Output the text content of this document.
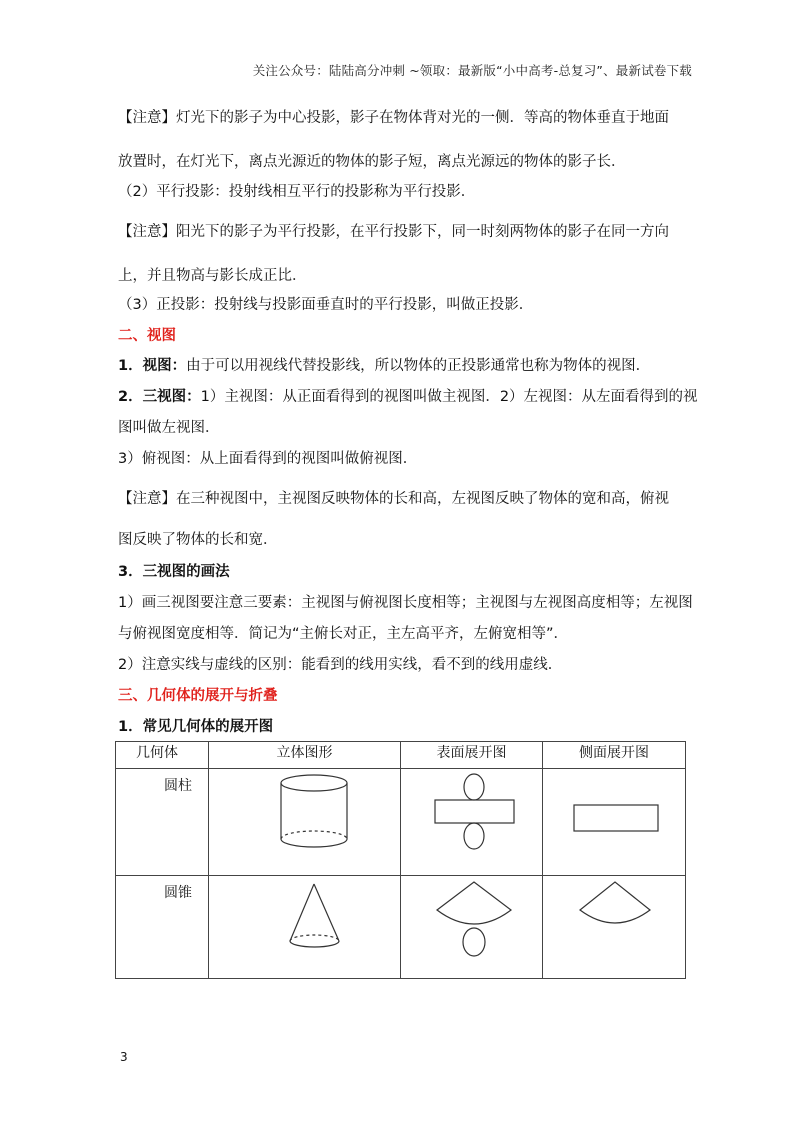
关注公众号：陆陆高分冲刺 ~领取：最新版“小中高考-总复习”、最新试卷下载
【注意】灯光下的影子为中心投影，影子在物体背对光的一侧．等高的物体垂直于地面
放置时，在灯光下，离点光源近的物体的影子短，离点光源远的物体的影子长．
（2）平行投影：投射线相互平行的投影称为平行投影．
【注意】阳光下的影子为平行投影，在平行投影下，同一时刻两物体的影子在同一方向
上，并且物高与影长成正比．
（3）正投影：投射线与投影面垂直时的平行投影，叫做正投影．
二、视图
1．视图：由于可以用视线代替投影线，所以物体的正投影通常也称为物体的视图．
2．三视图：1）主视图：从正面看得到的视图叫做主视图．2）左视图：从左面看得到的视
图叫做左视图．
3）俯视图：从上面看得到的视图叫做俯视图．
【注意】在三种视图中，主视图反映物体的长和高，左视图反映了物体的宽和高，俯视
图反映了物体的长和宽．
3．三视图的画法
1）画三视图要注意三要素：主视图与俯视图长度相等；主视图与左视图高度相等；左视图
与俯视图宽度相等．简记为“主俯长对正，主左高平齐，左俯宽相等”．
2）注意实线与虚线的区别：能看到的线用实线，看不到的线用虚线．
三、几何体的展开与折叠
1．常见几何体的展开图
几何体	立体图形	表面展开图	侧面展开图
圆柱	

圆锥	

3
